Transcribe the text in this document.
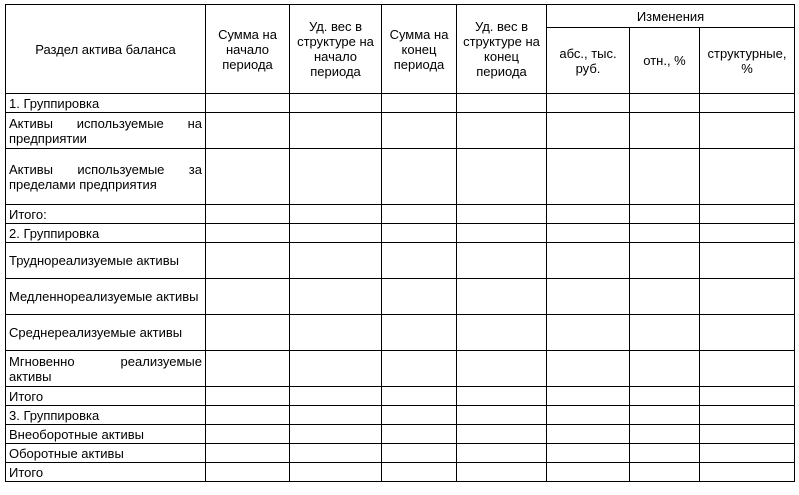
Раздел актива баланса	Сумма на начало периода	Уд. вес в структуре на начало периода	Сумма на конец периода	Уд. вес в структуре на конец периода	Изменения		
					абс., тыс. руб.	отн., %	структурные, %
1. Группировка							
Активы используемые на предприятии							
Активы используемые за пределами предприятия							
Итого:							
2. Группировка							
Труднореализуемые активы							
Медленнореализуемые активы							
Среднереализуемые активы							
Мгновенно реализуемые активы							
Итого							
3. Группировка							
Внеоборотные активы							
Оборотные активы							
Итого							
